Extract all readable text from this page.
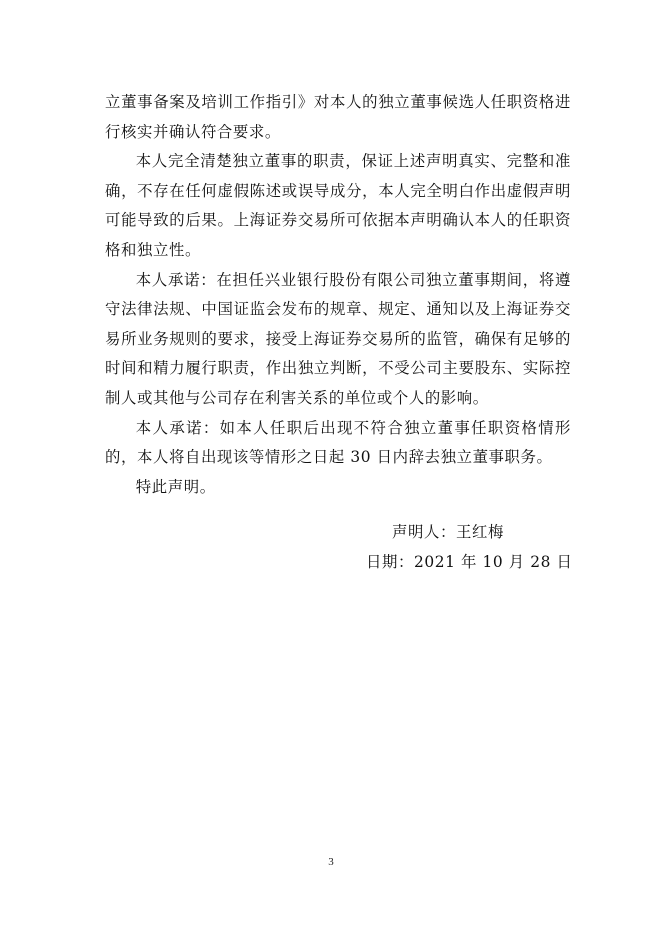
立董事备案及培训工作指引》对本人的独立董事候选人任职资格进行核实并确认符合要求。

本人完全清楚独立董事的职责，保证上述声明真实、完整和准确，不存在任何虚假陈述或误导成分，本人完全明白作出虚假声明可能导致的后果。上海证券交易所可依据本声明确认本人的任职资格和独立性。

本人承诺：在担任兴业银行股份有限公司独立董事期间，将遵守法律法规、中国证监会发布的规章、规定、通知以及上海证券交易所业务规则的要求，接受上海证券交易所的监管，确保有足够的时间和精力履行职责，作出独立判断，不受公司主要股东、实际控制人或其他与公司存在利害关系的单位或个人的影响。

本人承诺：如本人任职后出现不符合独立董事任职资格情形的，本人将自出现该等情形之日起 30 日内辞去独立董事职务。

特此声明。

声明人：王红梅
日期：2021 年 10 月 28 日
3
